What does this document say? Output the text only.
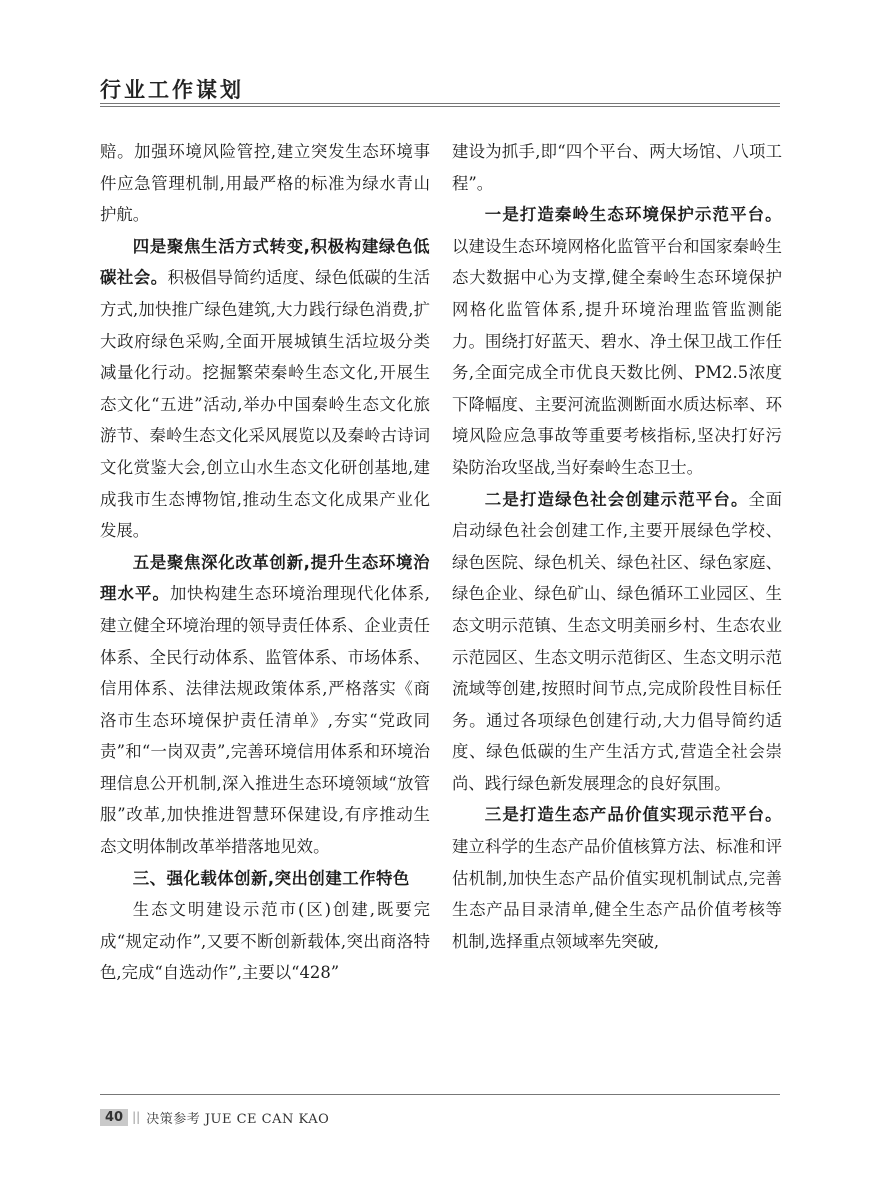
行业工作谋划

赔。加强环境风险管控,建立突发生态环境事件应急管理机制,用最严格的标准为绿水青山护航。

四是聚焦生活方式转变,积极构建绿色低碳社会。积极倡导简约适度、绿色低碳的生活方式,加快推广绿色建筑,大力践行绿色消费,扩大政府绿色采购,全面开展城镇生活垃圾分类减量化行动。挖掘繁荣秦岭生态文化,开展生态文化“五进”活动,举办中国秦岭生态文化旅游节、秦岭生态文化采风展览以及秦岭古诗词文化赏鉴大会,创立山水生态文化研创基地,建成我市生态博物馆,推动生态文化成果产业化发展。

五是聚焦深化改革创新,提升生态环境治理水平。加快构建生态环境治理现代化体系,建立健全环境治理的领导责任体系、企业责任体系、全民行动体系、监管体系、市场体系、信用体系、法律法规政策体系,严格落实《商洛市生态环境保护责任清单》,夯实“党政同责”和“一岗双责”,完善环境信用体系和环境治理信息公开机制,深入推进生态环境领域“放管服”改革,加快推进智慧环保建设,有序推动生态文明体制改革举措落地见效。

三、强化载体创新,突出创建工作特色

生态文明建设示范市(区)创建,既要完成“规定动作”,又要不断创新载体,突出商洛特色,完成“自选动作”,主要以“428”

建设为抓手,即“四个平台、两大场馆、八项工程”。

一是打造秦岭生态环境保护示范平台。以建设生态环境网格化监管平台和国家秦岭生态大数据中心为支撑,健全秦岭生态环境保护网格化监管体系,提升环境治理监管监测能力。围绕打好蓝天、碧水、净土保卫战工作任务,全面完成全市优良天数比例、PM2.5浓度下降幅度、主要河流监测断面水质达标率、环境风险应急事故等重要考核指标,坚决打好污染防治攻坚战,当好秦岭生态卫士。

二是打造绿色社会创建示范平台。全面启动绿色社会创建工作,主要开展绿色学校、绿色医院、绿色机关、绿色社区、绿色家庭、绿色企业、绿色矿山、绿色循环工业园区、生态文明示范镇、生态文明美丽乡村、生态农业示范园区、生态文明示范街区、生态文明示范流域等创建,按照时间节点,完成阶段性目标任务。通过各项绿色创建行动,大力倡导简约适度、绿色低碳的生产生活方式,营造全社会崇尚、践行绿色新发展理念的良好氛围。

三是打造生态产品价值实现示范平台。建立科学的生态产品价值核算方法、标准和评估机制,加快生态产品价值实现机制试点,完善生态产品目录清单,健全生态产品价值考核等机制,选择重点领域率先突破,

40 || 决策参考 JUE CE CAN KAO
